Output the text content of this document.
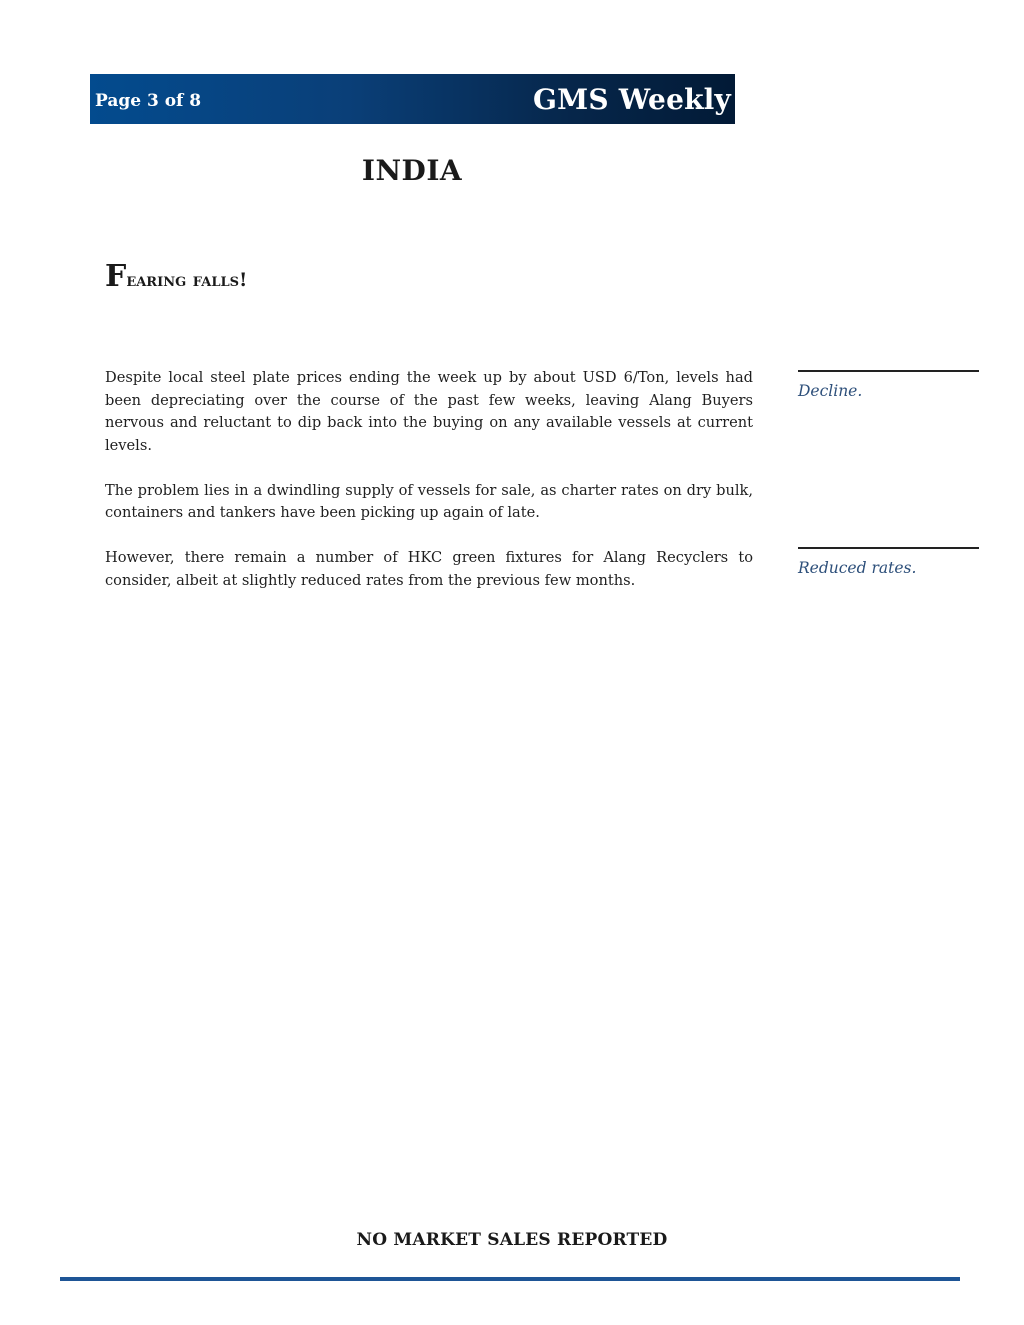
Page 3 of 8	GMS Weekly
INDIA
Fearing falls!

Despite local steel plate prices ending the week up by about USD 6/Ton, levels had been depreciating over the course of the past few weeks, leaving Alang Buyers nervous and reluctant to dip back into the buying on any available vessels at current levels.

The problem lies in a dwindling supply of vessels for sale, as charter rates on dry bulk, containers and tankers have been picking up again of late.

However, there remain a number of HKC green fixtures for Alang Recyclers to consider, albeit at slightly reduced rates from the previous few months.

Decline.
Reduced rates.
NO MARKET SALES REPORTED
